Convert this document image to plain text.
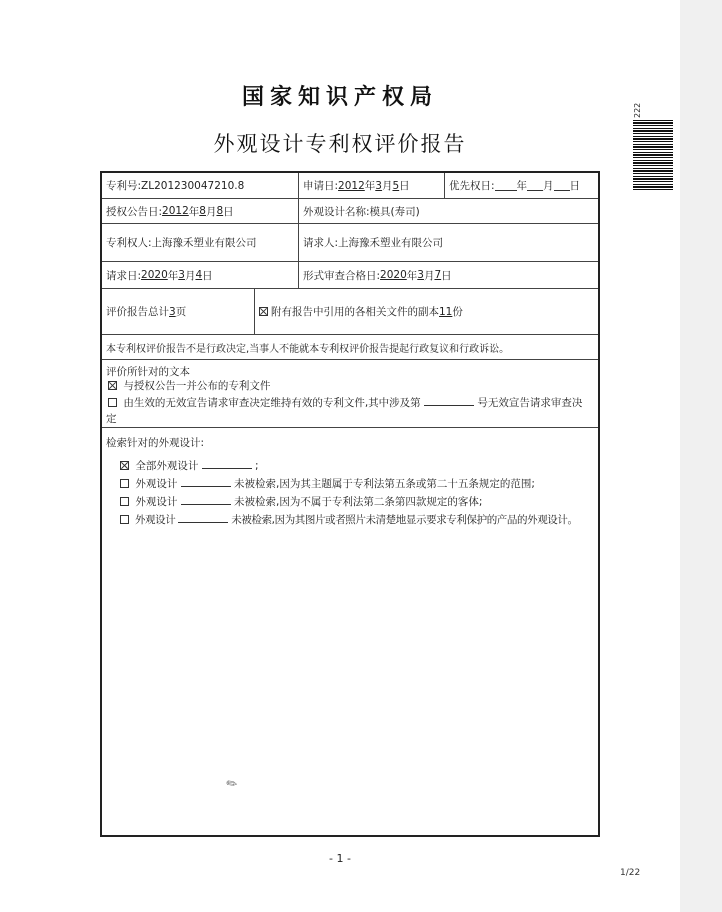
国家知识产权局
外观设计专利权评价报告
222
专利号: ZL201230047210.8	申请日: 2012 年 3 月 5 日	优先权日: 年 月 日
授权公告日: 2012 年 8 月 8 日	外观设计名称: 模具(寿司)
专利权人: 上海豫禾塑业有限公司	请求人: 上海豫禾塑业有限公司
请求日: 2020 年 3 月 4 日	形式审查合格日: 2020 年 3 月 7 日
评价报告总计 3 页	附有报告中引用的各相关文件的副本 11 份
本专利权评价报告不是行政决定,当事人不能就本专利权评价报告提起行政复议和行政诉讼。
评价所针对的文本
与授权公告一并公布的专利文件
由生效的无效宣告请求审查决定维持有效的专利文件,其中涉及第	号无效宣告请求审查决
定
检索针对的外观设计:
全部外观设计	;
外观设计	未被检索,因为其主题属于专利法第五条或第二十五条规定的范围;
外观设计	未被检索,因为不属于专利法第二条第四款规定的客体;
外观设计	未被检索,因为其图片或者照片未清楚地显示要求专利保护的产品的外观设计。
✎
- 1 -
1/22
